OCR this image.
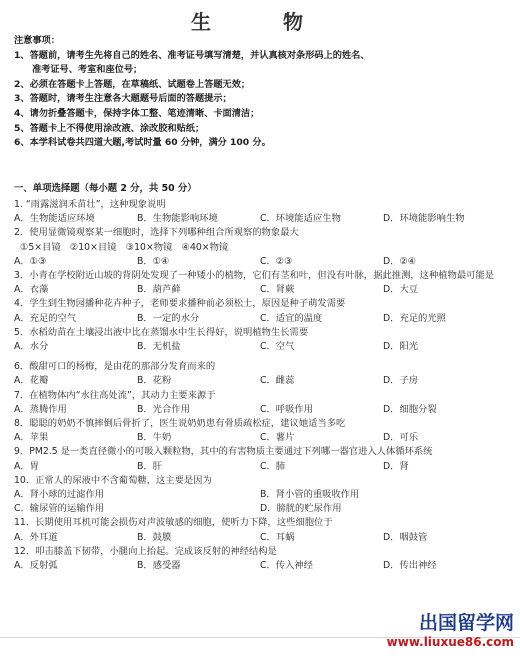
生　物
注意事项：
1、答题前，请考生先将自己的姓名、准考证号填写清楚，并认真核对条形码上的姓名、
准考证号、考室和座位号；
2、必须在答题卡上答题，在草稿纸、试题卷上答题无效；
3、答题时，请考生注意各大题题号后面的答题提示；
4、请勿折叠答题卡，保持字体工整、笔迹清晰、卡面清洁；
5、答题卡上不得使用涂改液、涂改胶和贴纸；
6、本学科试卷共四道大题,考试时量 60 分钟，满分 100 分。
一、单项选择题（每小题 2 分，共 50 分）
1. “雨露滋润禾苗壮”，这种现象说明
A．生物能适应环境	B．生物能影响环境	C．环境能适应生物	D．环境能影响生物
2．使用显微镜观察某一细胞时，选择下列哪种组合所观察的物象最大
①5×目镜　②10×目镜　③10×物镜　④40×物镜
A．①③	B．①④	C．②③	D．②④
3．小青在学校附近山坡的背阴处发现了一种矮小的植物，它们有茎和叶，但没有叶脉，据此推测，这种植物最可能是
A．衣藻	B．葫芦藓	C．肾蕨	D．大豆
4．学生到生物园播种花卉种子，老师要求播种前必须松土，原因是种子萌发需要
A．充足的空气	B．一定的水分	C．适宜的温度	D．充足的光照
5．水稻幼苗在土壤浸出液中比在蒸馏水中生长得好，说明植物生长需要
A．水分	B．无机盐	C．空气	D．阳光
6．酸甜可口的杨梅，是由花的那部分发育而来的
A．花瓣	B．花粉	C．雌蕊	D．子房
7．在植物体内“水往高处流”，其动力主要来源于
A．蒸腾作用	B．光合作用	C．呼吸作用	D．细胞分裂
8．聪聪的奶奶不慎摔倒后骨折了，医生说奶奶患有骨质疏松症，建议她适当多吃
A．苹果	B．牛奶	C．薯片	D．可乐
9．PM2.5 是一类直径微小的可吸入颗粒物，其中的有害物质主要通过下列哪一器官进入人体循环系统
A．胃	B．肝	C．肺	D．肾
10．正常人的尿液中不含葡萄糖，这主要是因为
A．肾小球的过滤作用	B．肾小管的重吸收作用
C．输尿管的运输作用	D．膀胱的贮尿作用
11．长期使用耳机可能会损伤对声波敏感的细胞，使听力下降，这些细胞位于
A．外耳道	B．鼓膜	C．耳蜗	D．咽鼓管
12．叩击膝盖下韧带，小腿向上抬起。完成该反射的神经结构是
A．反射弧	B．感受器	C．传入神经	D．传出神经
出国留学网
www.liuxue86.com
